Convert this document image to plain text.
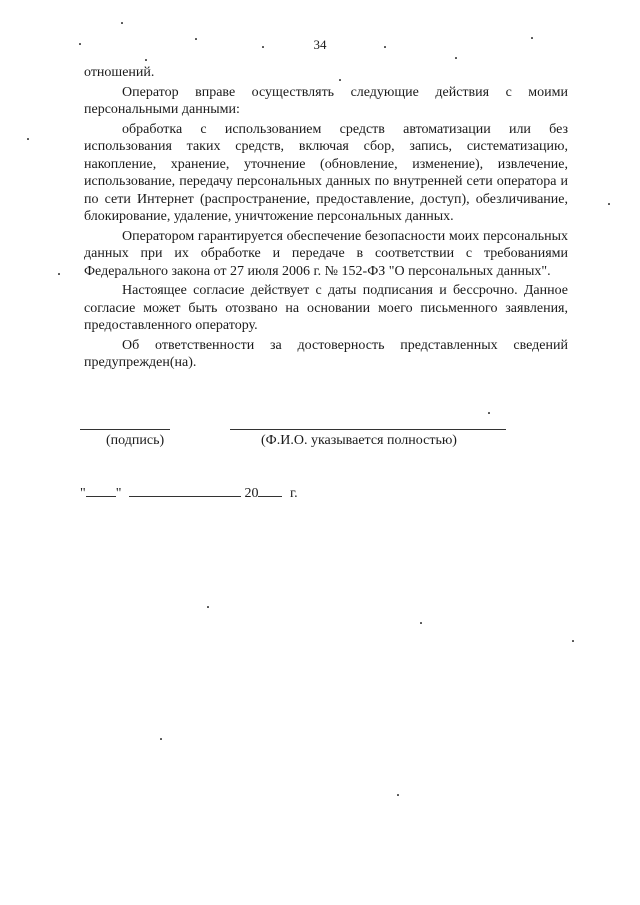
34

отношений.

Оператор вправе осуществлять следующие действия с моими персональными данными:

обработка с использованием средств автоматизации или без использования таких средств, включая сбор, запись, систематизацию, накопление, хранение, уточнение (обновление, изменение), извлечение, использование, передачу персональных данных по внутренней сети оператора и по сети Интернет (распространение, предоставление, доступ), обезличивание, блокирование, удаление, уничтожение персональных данных.

Оператором гарантируется обеспечение безопасности моих персональных данных при их обработке и передаче в соответствии с требованиями Федерального закона от 27 июля 2006 г. № 152-ФЗ "О персональных данных".

Настоящее согласие действует с даты подписания и бессрочно. Данное согласие может быть отозвано на основании моего письменного заявления, предоставленного оператору.

Об ответственности за достоверность представленных сведений предупрежден(на).

(подпись)	(Ф.И.О. указывается полностью)
" "	20 г.
